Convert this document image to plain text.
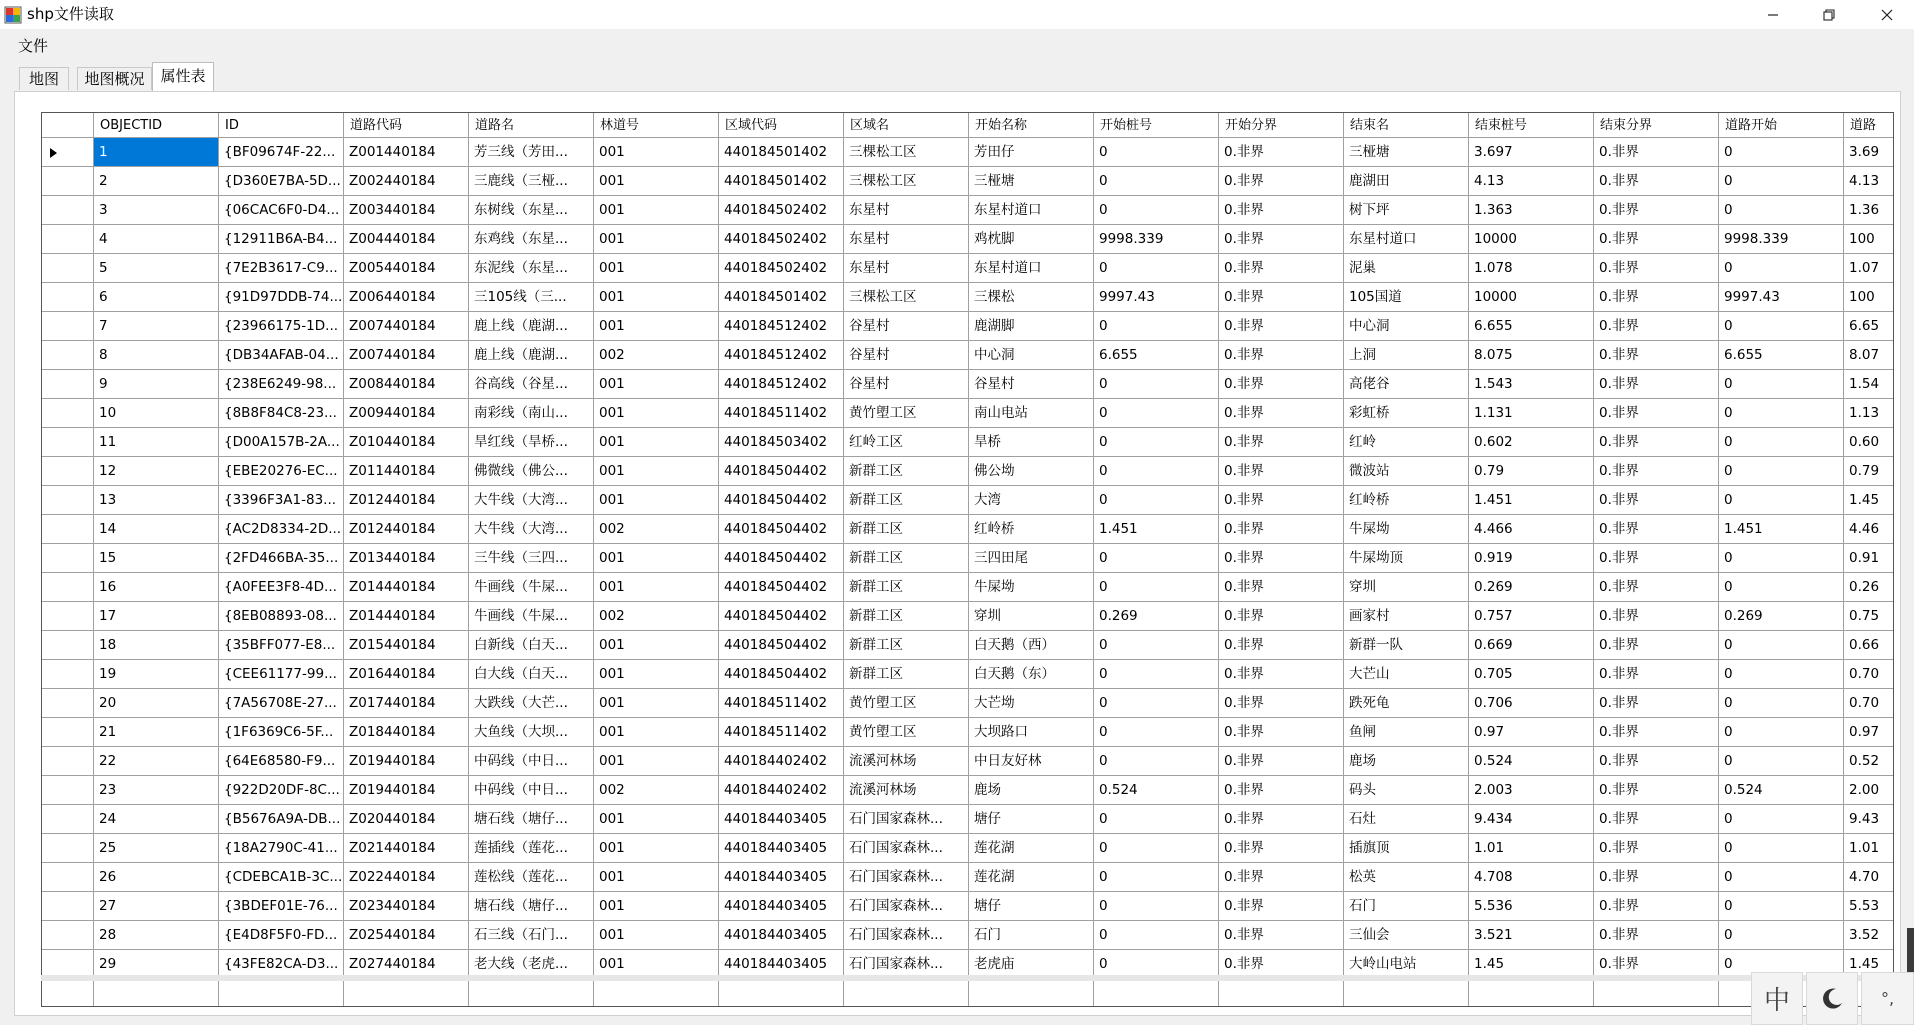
shp文件读取
文件
地图	地图概况	属性表
OBJECTID	ID	道路代码	道路名	林道号	区域代码	区域名	开始名称	开始桩号	开始分界	结束名	结束桩号	结束分界	道路开始	道路
1	{BF09674F-22...	Z001440184	芳三线（芳田...	001	440184501402	三棵松工区	芳田仔	0	0.非界	三桠塘	3.697	0.非界	0	3.69
2	{D360E7BA-5D... Z002440184	三鹿线（三桠...	001	440184501402	三棵松工区	三桠塘	0	0.非界	鹿湖田	4.13	0.非界	0	4.13
3	{06CAC6F0-D4... Z003440184	东树线（东星...	001	440184502402	东星村	东星村道口	0	0.非界	树下坪	1.363	0.非界	0	1.36
4	{12911B6A-B4... Z004440184	东鸡线（东星...	001	440184502402	东星村	鸡枕脚	9998.339	0.非界	东星村道口	10000	0.非界	9998.339	100
5	{7E2B3617-C9... Z005440184	东泥线（东星...	001	440184502402	东星村	东星村道口	0	0.非界	泥巢	1.078	0.非界	0	1.07
6	{91D97DDB-74... Z006440184	三105线（三...	001	440184501402	三棵松工区	三棵松	9997.43	0.非界	105国道	10000	0.非界	9997.43	100
7	{23966175-1D... Z007440184	鹿上线（鹿湖...	001	440184512402	谷星村	鹿湖脚	0	0.非界	中心洞	6.655	0.非界	0	6.65
8	{DB34AFAB-04... Z007440184	鹿上线（鹿湖...	002	440184512402	谷星村	中心洞	6.655	0.非界	上洞	8.075	0.非界	6.655	8.07
9	{238E6249-98... Z008440184	谷高线（谷星...	001	440184512402	谷星村	谷星村	0	0.非界	高佬谷	1.543	0.非界	0	1.54
10	{8B8F84C8-23... Z009440184	南彩线（南山...	001	440184511402	黄竹塱工区	南山电站	0	0.非界	彩虹桥	1.131	0.非界	0	1.13
11	{D00A157B-2A... Z010440184	旱红线（旱桥...	001	440184503402	红岭工区	旱桥	0	0.非界	红岭	0.602	0.非界	0	0.60
12	{EBE20276-EC... Z011440184	佛微线（佛公...	001	440184504402	新群工区	佛公坳	0	0.非界	微波站	0.79	0.非界	0	0.79
13	{3396F3A1-83... Z012440184	大牛线（大湾...	001	440184504402	新群工区	大湾	0	0.非界	红岭桥	1.451	0.非界	0	1.45
14	{AC2D8334-2D... Z012440184	大牛线（大湾...	002	440184504402	新群工区	红岭桥	1.451	0.非界	牛屎坳	4.466	0.非界	1.451	4.46
15	{2FD466BA-35... Z013440184	三牛线（三四...	001	440184504402	新群工区	三四田尾	0	0.非界	牛屎坳顶	0.919	0.非界	0	0.91
16	{A0FEE3F8-4D... Z014440184	牛画线（牛屎...	001	440184504402	新群工区	牛屎坳	0	0.非界	穿圳	0.269	0.非界	0	0.26
17	{8EB08893-08... Z014440184	牛画线（牛屎...	002	440184504402	新群工区	穿圳	0.269	0.非界	画家村	0.757	0.非界	0.269	0.75
18	{35BFF077-E8...	Z015440184	白新线（白天...	001	440184504402	新群工区	白天鹅（西）	0	0.非界	新群一队	0.669	0.非界	0	0.66
19	{CEE61177-99... Z016440184	白大线（白天...	001	440184504402	新群工区	白天鹅（东）	0	0.非界	大芒山	0.705	0.非界	0	0.70
20	{7A56708E-27... Z017440184	大跌线（大芒...	001	440184511402	黄竹塱工区	大芒坳	0	0.非界	跌死龟	0.706	0.非界	0	0.70
21	{1F6369C6-5F...	Z018440184	大鱼线（大坝...	001	440184511402	黄竹塱工区	大坝路口	0	0.非界	鱼闸	0.97	0.非界	0	0.97
22	{64E68580-F9...	Z019440184	中码线（中日...	001	440184402402	流溪河林场	中日友好林	0	0.非界	鹿场	0.524	0.非界	0	0.52
23	{922D20DF-8C... Z019440184	中码线（中日...	002	440184402402	流溪河林场	鹿场	0.524	0.非界	码头	2.003	0.非界	0.524	2.00
24	{B5676A9A-DB... Z020440184	塘石线（塘仔...	001	440184403405	石门国家森林...	塘仔	0	0.非界	石灶	9.434	0.非界	0	9.43
25	{18A2790C-41... Z021440184	莲插线（莲花...	001	440184403405	石门国家森林...	莲花湖	0	0.非界	插旗顶	1.01	0.非界	0	1.01
26	{CDEBCA1B-3C... Z022440184	莲松线（莲花...	001	440184403405	石门国家森林...	莲花湖	0	0.非界	松英	4.708	0.非界	0	4.70
27	{3BDEF01E-76... Z023440184	塘石线（塘仔...	001	440184403405	石门国家森林...	塘仔	0	0.非界	石门	5.536	0.非界	0	5.53
28	{E4D8F5F0-FD... Z025440184	石三线（石门...	001	440184403405	石门国家森林...	石门	0	0.非界	三仙会	3.521	0.非界	0	3.52
29	{43FE82CA-D3... Z027440184	老大线（老虎...	001	440184403405	石门国家森林...	老虎庙	0	0.非界	大岭山电站	1.45	0.非界	0	1.45
中	°,
